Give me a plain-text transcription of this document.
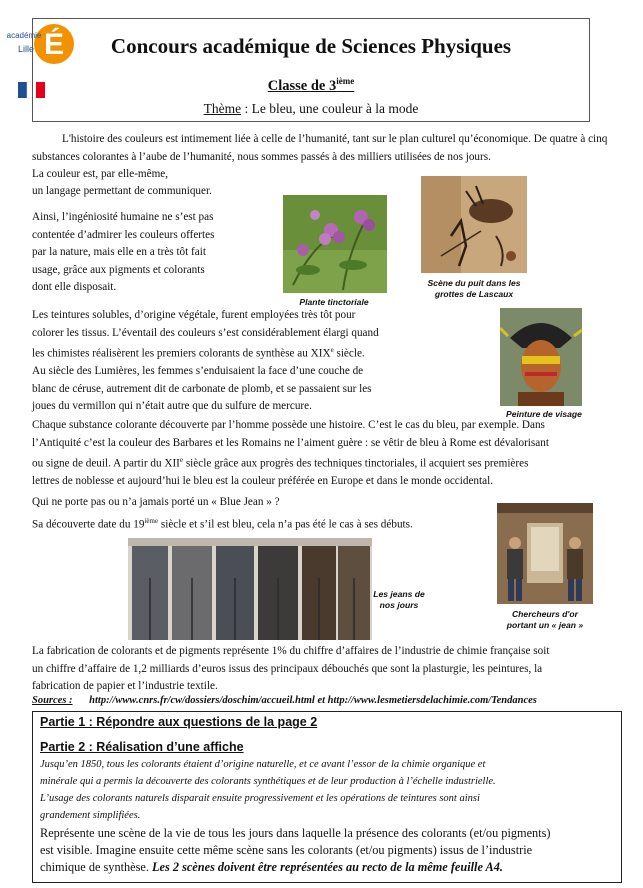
É
académie
Lille	Concours académique de Sciences Physiques
Classe de 3ième
Thème : Le bleu, une couleur à la mode
L'histoire des couleurs est intimement liée à celle de l’humanité, tant sur le plan culturel qu’économique. De quatre à cinq substances colorantes à l’aube de l’humanité, nous sommes passés à des milliers utilisées de nos jours.
La couleur est, par elle-même,
un langage permettant de communiquer.

Ainsi, l’ingéniosité humaine ne s’est pas

contentée d’admirer les couleurs offertes

par la nature, mais elle en a très tôt fait

usage, grâce aux pigments et colorants

dont elle disposait.

Plante tinctoriale

Scène du puit dans les

grottes de Lascaux

Les teintures solubles, d’origine végétale, furent employées très tôt pour

colorer les tissus. L’éventail des couleurs s’est considérablement élargi quand

les chimistes réalisèrent les premiers colorants de synthèse au XIXe siècle.

Au siècle des Lumières, les femmes s’enduisaient la face d’une couche de

blanc de céruse, autrement dit de carbonate de plomb, et se passaient sur les

joues du vermillon qui n’était autre que du sulfure de mercure.

Peinture de visage

Chaque substance colorante découverte par l’homme possède une histoire. C’est le cas du bleu, par exemple. Dans

l’Antiquité c’est la couleur des Barbares et les Romains ne l’aiment guère : se vêtir de bleu à Rome est dévalorisant

ou signe de deuil. A partir du XIIe siècle grâce aux progrès des techniques tinctoriales, il acquiert ses premières

lettres de noblesse et aujourd’hui le bleu est la couleur préférée en Europe et dans le monde occidental.

Qui ne porte pas ou n’a jamais porté un « Blue Jean » ?

Sa découverte date du 19ième siècle et s’il est bleu, cela n’a pas été le cas à ses débuts.

Les jeans de

nos jours

Chercheurs d'or

portant un « jean »

La fabrication de colorants et de pigments représente 1% du chiffre d’affaires de l’industrie de chimie française soit

un chiffre d’affaire de 1,2 milliards d’euros issus des principaux débouchés que sont la plasturgie, les peintures, la

fabrication de papier et l’industrie textile.

Sources : http://www.cnrs.fr/cw/dossiers/doschim/accueil.html et http://www.lesmetiersdelachimie.com/Tendances

Partie 1 : Répondre aux questions de la page 2

Partie 2 : Réalisation d’une affiche

Jusqu’en 1850, tous les colorants étaient d’origine naturelle, et ce avant l’essor de la chimie organique et

minérale qui a permis la découverte des colorants synthétiques et de leur production à l’échelle industrielle.

L’usage des colorants naturels disparait ensuite progressivement et les opérations de teintures sont ainsi

grandement simplifiées.

Représente une scène de la vie de tous les jours dans laquelle la présence des colorants (et/ou pigments)

est visible. Imagine ensuite cette même scène sans les colorants (et/ou pigments) issus de l’industrie

chimique de synthèse. Les 2 scènes doivent être représentées au recto de la même feuille A4.
